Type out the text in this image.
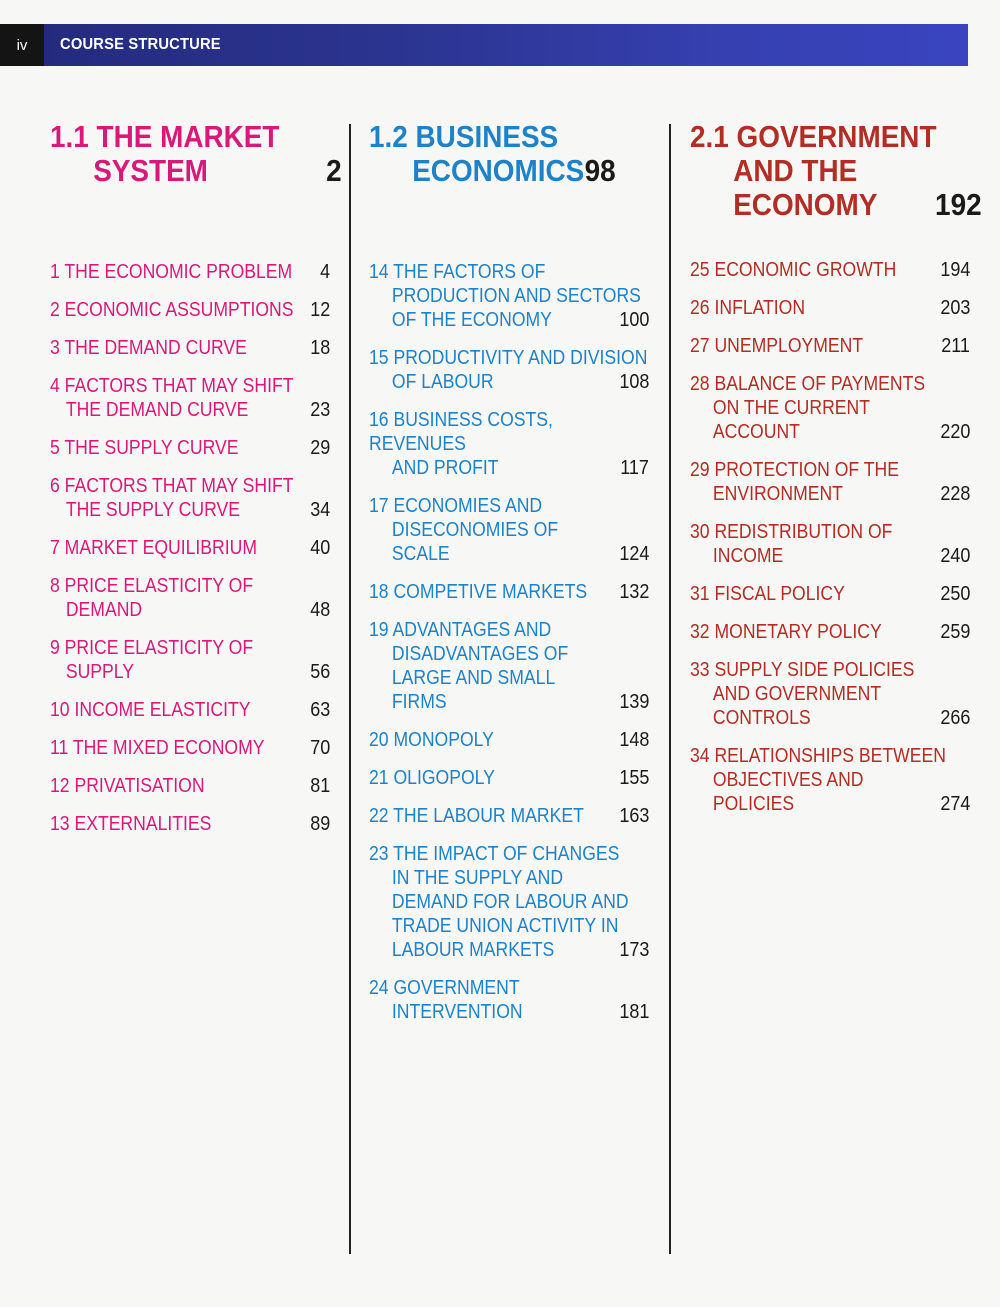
iv	COURSE STRUCTURE
1.1 THE MARKET
SYSTEM	2
1 THE ECONOMIC PROBLEM	4
2 ECONOMIC ASSUMPTIONS 12
3 THE DEMAND CURVE	18
4 FACTORS THAT MAY SHIFT
THE DEMAND CURVE	23
5 THE SUPPLY CURVE	29
6 FACTORS THAT MAY SHIFT
THE SUPPLY CURVE	34
7 MARKET EQUILIBRIUM	40
8 PRICE ELASTICITY OF
DEMAND	48
9 PRICE ELASTICITY OF
SUPPLY	56
10 INCOME ELASTICITY	63
11 THE MIXED ECONOMY	70
12 PRIVATISATION	81
13 EXTERNALITIES	89
1.2 BUSINESS
ECONOMICS 98
14 THE FACTORS OF
PRODUCTION AND SECTORS
OF THE ECONOMY	100
15 PRODUCTIVITY AND DIVISION
OF LABOUR	108
16 BUSINESS COSTS, REVENUES
AND PROFIT	117
17 ECONOMIES AND
DISECONOMIES OF
SCALE	124
18 COMPETIVE MARKETS	132
19 ADVANTAGES AND
DISADVANTAGES OF
LARGE AND SMALL
FIRMS	139
20 MONOPOLY	148
21 OLIGOPOLY	155
22 THE LABOUR MARKET	163
23 THE IMPACT OF CHANGES
IN THE SUPPLY AND
DEMAND FOR LABOUR AND
TRADE UNION ACTIVITY IN
LABOUR MARKETS	173
24 GOVERNMENT
INTERVENTION	181
2.1 GOVERNMENT
AND THE
ECONOMY	192
25 ECONOMIC GROWTH	194
26 INFLATION	203
27 UNEMPLOYMENT	211
28 BALANCE OF PAYMENTS
ON THE CURRENT
ACCOUNT	220
29 PROTECTION OF THE
ENVIRONMENT	228
30 REDISTRIBUTION OF
INCOME	240
31 FISCAL POLICY	250
32 MONETARY POLICY	259
33 SUPPLY SIDE POLICIES
AND GOVERNMENT
CONTROLS	266
34 RELATIONSHIPS BETWEEN
OBJECTIVES AND
POLICIES	274
